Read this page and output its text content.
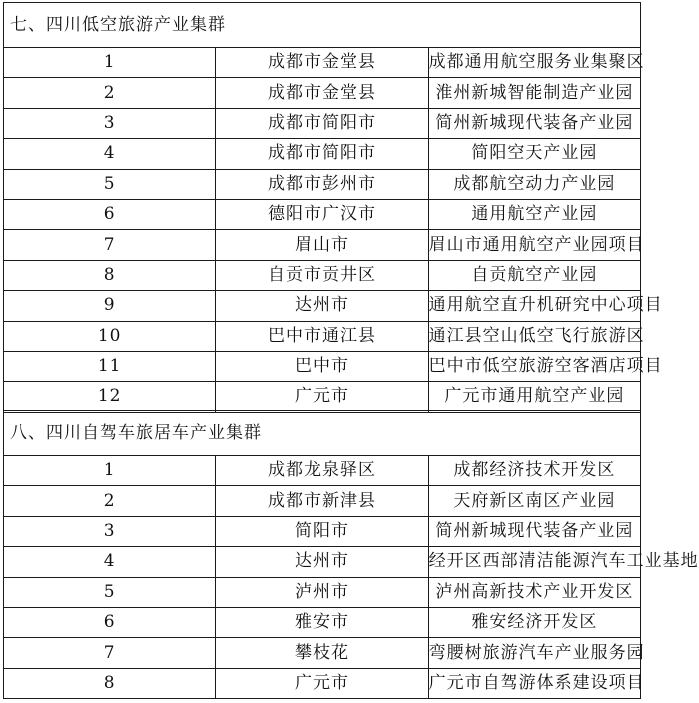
七、四川低空旅游产业集群		
1	成都市金堂县	成都通用航空服务业集聚区
2	成都市金堂县	淮州新城智能制造产业园
3	成都市简阳市	简州新城现代装备产业园
4	成都市简阳市	简阳空天产业园
5	成都市彭州市	成都航空动力产业园
6	德阳市广汉市	通用航空产业园
7	眉山市	眉山市通用航空产业园项目
8	自贡市贡井区	自贡航空产业园
9	达州市	通用航空直升机研究中心项目
10	巴中市通江县	通江县空山低空飞行旅游区
11	巴中市	巴中市低空旅游空客酒店项目
12	广元市	广元市通用航空产业园
八、四川自驾车旅居车产业集群		
1	成都龙泉驿区	成都经济技术开发区
2	成都市新津县	天府新区南区产业园
3	简阳市	简州新城现代装备产业园
4	达州市	经开区西部清洁能源汽车工业基地
5	泸州市	泸州高新技术产业开发区
6	雅安市	雅安经济开发区
7	攀枝花	弯腰树旅游汽车产业服务园
8	广元市	广元市自驾游体系建设项目
